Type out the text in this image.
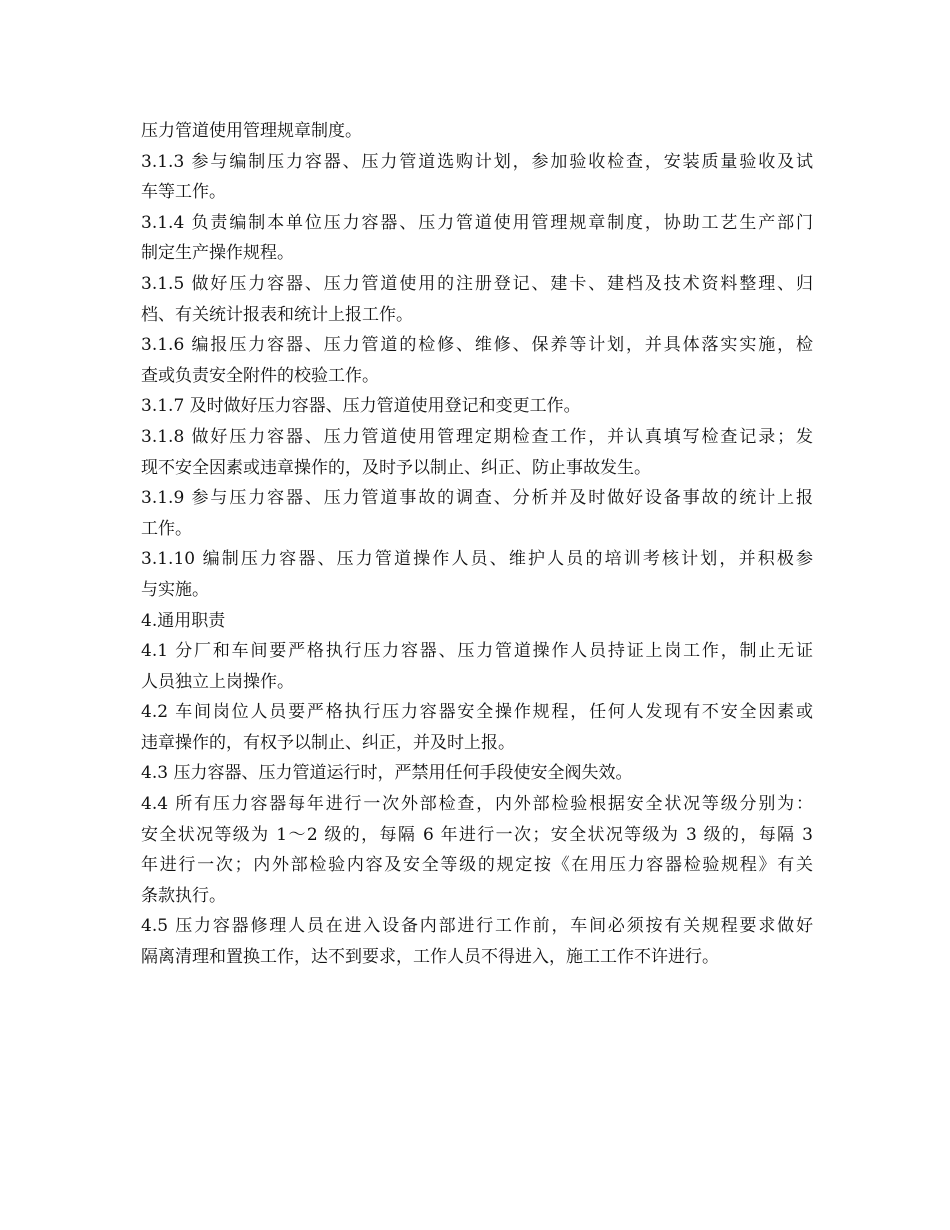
压力管道使用管理规章制度。
3.1.3 参与编制压力容器、压力管道选购计划，参加验收检查，安装质量验收及试
车等工作。
3.1.4 负责编制本单位压力容器、压力管道使用管理规章制度，协助工艺生产部门
制定生产操作规程。
3.1.5 做好压力容器、压力管道使用的注册登记、建卡、建档及技术资料整理、归
档、有关统计报表和统计上报工作。
3.1.6 编报压力容器、压力管道的检修、维修、保养等计划，并具体落实实施，检
查或负责安全附件的校验工作。
3.1.7 及时做好压力容器、压力管道使用登记和变更工作。
3.1.8 做好压力容器、压力管道使用管理定期检查工作，并认真填写检查记录；发
现不安全因素或违章操作的，及时予以制止、纠正、防止事故发生。
3.1.9 参与压力容器、压力管道事故的调查、分析并及时做好设备事故的统计上报
工作。
3.1.10 编制压力容器、压力管道操作人员、维护人员的培训考核计划，并积极参
与实施。
4.通用职责
4.1 分厂和车间要严格执行压力容器、压力管道操作人员持证上岗工作，制止无证
人员独立上岗操作。
4.2 车间岗位人员要严格执行压力容器安全操作规程，任何人发现有不安全因素或
违章操作的，有权予以制止、纠正，并及时上报。
4.3 压力容器、压力管道运行时，严禁用任何手段使安全阀失效。
4.4 所有压力容器每年进行一次外部检查，内外部检验根据安全状况等级分别为：
安全状况等级为 1～2 级的，每隔 6 年进行一次；安全状况等级为 3 级的，每隔 3
年进行一次；内外部检验内容及安全等级的规定按《在用压力容器检验规程》有关
条款执行。
4.5 压力容器修理人员在进入设备内部进行工作前，车间必须按有关规程要求做好
隔离清理和置换工作，达不到要求，工作人员不得进入，施工工作不许进行。
